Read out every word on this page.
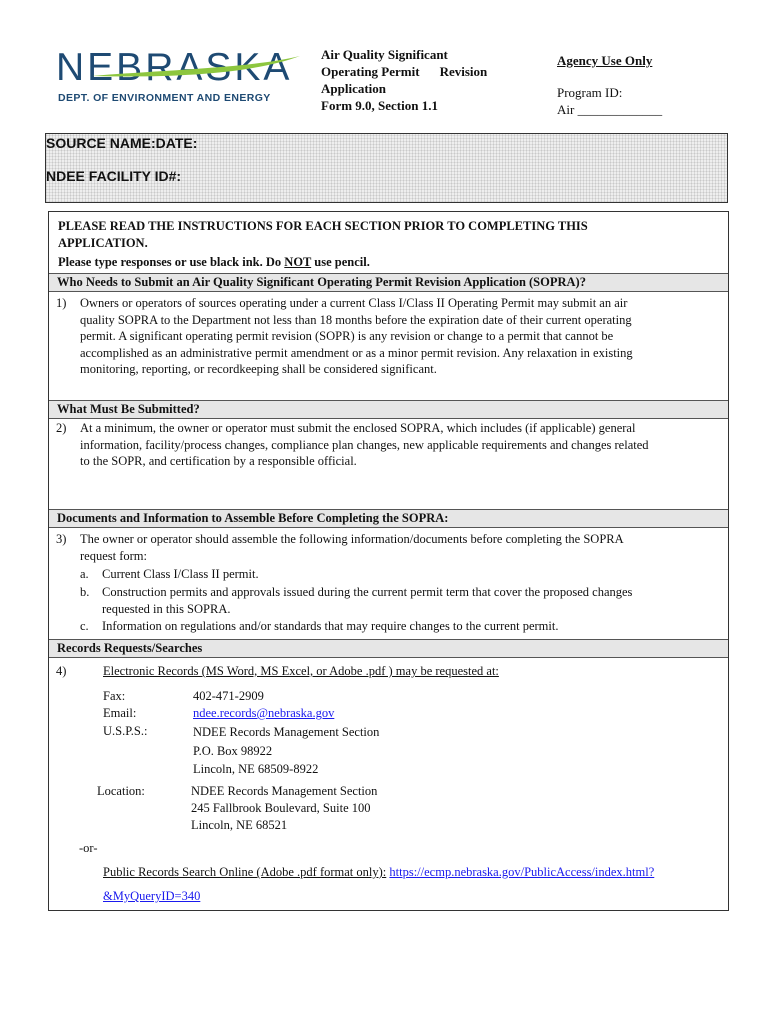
NEBRASKA
DEPT. OF ENVIRONMENT AND ENERGY
Air Quality Significant
Operating Permit Revision
Application
Form 9.0, Section 1.1
Agency Use Only
Program ID:
Air _____________
SOURCE NAME:DATE:
NDEE FACILITY ID#:
PLEASE READ THE INSTRUCTIONS FOR EACH SECTION PRIOR TO COMPLETING THIS
APPLICATION.
Please type responses or use black ink. Do NOT use pencil.
Who Needs to Submit an Air Quality Significant Operating Permit Revision Application (SOPRA)?
1) Owners or operators of sources operating under a current Class I/Class II Operating Permit may submit an air
quality SOPRA to the Department not less than 18 months before the expiration date of their current operating
permit. A significant operating permit revision (SOPR) is any revision or change to a permit that cannot be
accomplished as an administrative permit amendment or as a minor permit revision. Any relaxation in existing
monitoring, reporting, or recordkeeping shall be considered significant.
What Must Be Submitted?
2) At a minimum, the owner or operator must submit the enclosed SOPRA, which includes (if applicable) general
information, facility/process changes, compliance plan changes, new applicable requirements and changes related
to the SOPR, and certification by a responsible official.
Documents and Information to Assemble Before Completing the SOPRA:
3) The owner or operator should assemble the following information/documents before completing the SOPRA
request form:
a. Current Class I/Class II permit.
b. Construction permits and approvals issued during the current permit term that cover the proposed changes
requested in this SOPRA.
c. Information on regulations and/or standards that may require changes to the current permit.
Records Requests/Searches
4)	Electronic Records (MS Word, MS Excel, or Adobe .pdf ) may be requested at:
Fax:	402-471-2909
Email:	ndee.records@nebraska.gov
U.S.P.S.:	NDEE Records Management Section
P.O. Box 98922
Lincoln, NE 68509-8922
Location:	NDEE Records Management Section
245 Fallbrook Boulevard, Suite 100
Lincoln, NE 68521
-or-
Public Records Search Online (Adobe .pdf format only): https://ecmp.nebraska.gov/PublicAccess/index.html?
&MyQueryID=340
